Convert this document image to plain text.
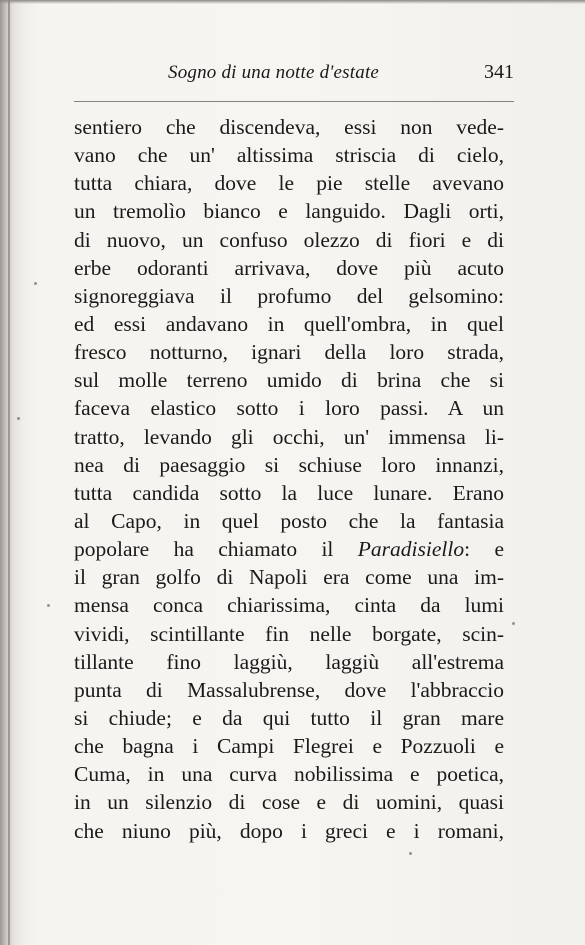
Sogno di una notte d'estate	341
sentiero che discendeva, essi non vede-
vano che un' altissima striscia di cielo,
tutta chiara, dove le pie stelle avevano
un tremolìo bianco e languido. Dagli orti,
di nuovo, un confuso olezzo di fiori e di
erbe odoranti arrivava, dove più acuto
signoreggiava il profumo del gelsomino:
ed essi andavano in quell'ombra, in quel
fresco notturno, ignari della loro strada,
sul molle terreno umido di brina che si
faceva elastico sotto i loro passi. A un
tratto, levando gli occhi, un' immensa li-
nea di paesaggio si schiuse loro innanzi,
tutta candida sotto la luce lunare. Erano
al Capo, in quel posto che la fantasia
popolare ha chiamato il Paradisiello: e
il gran golfo di Napoli era come una im-
mensa conca chiarissima, cinta da lumi
vividi, scintillante fin nelle borgate, scin-
tillante fino laggiù, laggiù all'estrema
punta di Massalubrense, dove l'abbraccio
si chiude; e da qui tutto il gran mare
che bagna i Campi Flegrei e Pozzuoli e
Cuma, in una curva nobilissima e poetica,
in un silenzio di cose e di uomini, quasi
che niuno più, dopo i greci e i romani,
